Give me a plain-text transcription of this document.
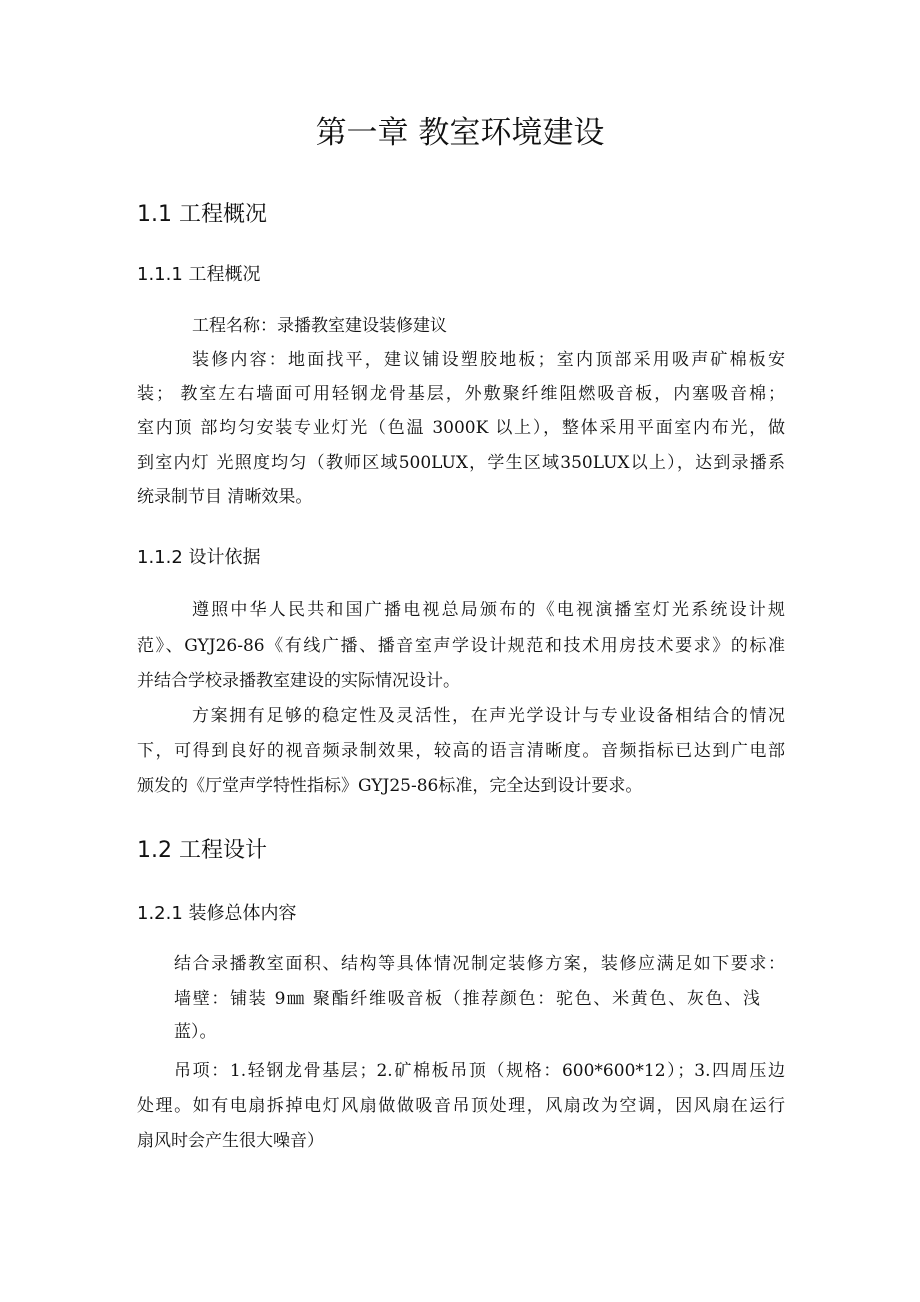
第一章 教室环境建设
1.1 工程概况
1.1.1 工程概况
工程名称：录播教室建设装修建议
装修内容：地面找平，建议铺设塑胶地板；室内顶部采用吸声矿棉板安
装； 教室左右墙面可用轻钢龙骨基层，外敷聚纤维阻燃吸音板，内塞吸音棉；
室内顶 部均匀安装专业灯光（色温 3000K 以上），整体采用平面室内布光，做
到室内灯 光照度均匀（教师区域500LUX，学生区域350LUX以上），达到录播系
统录制节目 清晰效果。
1.1.2 设计依据
遵照中华人民共和国广播电视总局颁布的《电视演播室灯光系统设计规
范》、GYJ26-86《有线广播、播音室声学设计规范和技术用房技术要求》的标准
并结合学校录播教室建设的实际情况设计。
方案拥有足够的稳定性及灵活性，在声光学设计与专业设备相结合的情况
下，可得到良好的视音频录制效果，较高的语言清晰度。音频指标已达到广电部
颁发的《厅堂声学特性指标》GYJ25-86标准，完全达到设计要求。
1.2 工程设计
1.2.1 装修总体内容
结合录播教室面积、结构等具体情况制定装修方案，装修应满足如下要求：
墙壁：铺装 9㎜ 聚酯纤维吸音板（推荐颜色：驼色、米黄色、灰色、浅
蓝）。
吊项：1.轻钢龙骨基层；2.矿棉板吊顶（规格：600*600*12）；3.四周压边
处理。如有电扇拆掉电灯风扇做做吸音吊顶处理，风扇改为空调，因风扇在运行
扇风时会产生很大噪音）
